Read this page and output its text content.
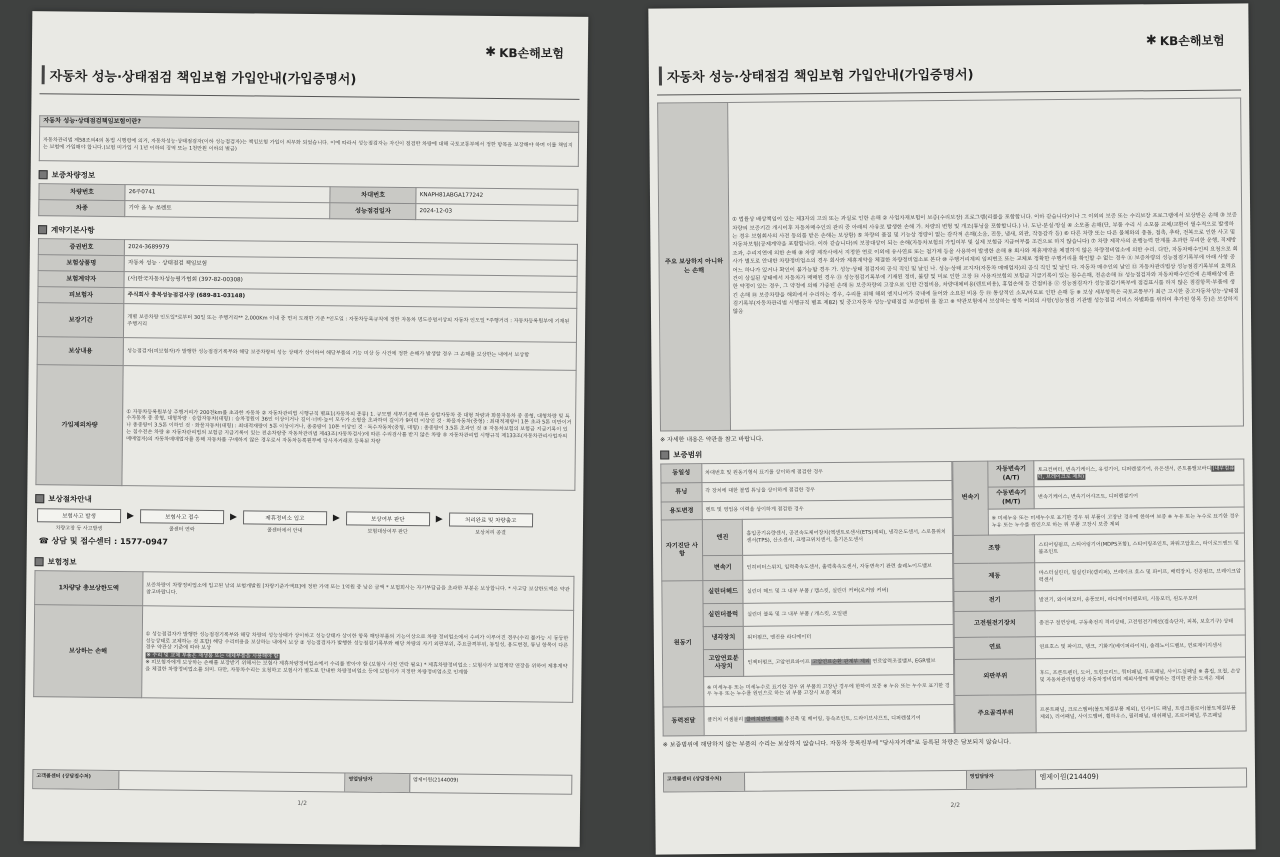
✱ KB손해보험
자동차 성능·상태점검 책임보험 가입안내(가입증명서)
자동차 성능·상태점검책임보험이란?
자동차관리법 제58조의4의 동법 시행령에 의거, 자동차성능·상태점검자(이하 성능점검자)는 책임보험 가입이 의무화 되었습니다. 이에 따라서 성능점검자는 자신이 점검한 차량에 대해 국토교통부에서 정한 항목을 보장해야 하며 이를 책임지는 보험에 가입해야 합니다.(보험 미가입 시 1년 이하의 징역 또는 1천만원 이하의 벌금)
보증차량정보
차량번호	26주0741	차대번호	KNAPH81ABGA177242
차종	기아 올 뉴 쏘렌토	성능점검일자	2024-12-03
계약기본사항
증권번호	2024-3689979
보험상품명	자동차 성능 · 상태점검 책임보험
보험계약자	(사)한국자동차성능평가협회 (397-82-00308)
피보험자	주식회사 충북성능점검사장 (689-81-03148)
보장기간	개별 보증차량 인도일*로부터 30일 또는 주행거리** 2,000Km 이내 중 먼저 도래한 기준 *인도일 : 자동차등록규칙에 정한 자동차 명도증명서상의 자동차 인도일 *주행거리 : 자동차등록원부에 기재된 주행거리
보상내용	성능점검자(피보험자)가 발행한 성능점검기록부와 해당 보증차량의 성능 상태가 상이하여 해당부품의 기능 미상 등 사건에 정한 손해가 발생할 경우 그 손해를 보상한는 내에서 보상함
가입제외차량	① 자동차등록원부상 주행거리가 200천km를 초과한 자동차 ② 자동차관리법 시행규칙 별표1(자동차의 종류) 1. 규모별 세부기준에 따른 승합자동차 중 대형 차량과 화물자동차 중 중형, 대형차량 및 특수자동차 중 중형, 대형차량 · 승합자동차(대형) : 승차정원이 36인 이상이거나 길이·너비·높이 모두가 소형을 초과하여 길이가 9미터 이상인 것 · 화물자동차(중형) : 최대적재량이 1톤 초과 5톤 미만이거나 총중량이 3.5톤 이하인 것 · 화물자동차(대형) : 최대적재량이 5톤 이상이거나, 총중량이 10톤 이상인 것 · 특수자동차(중형, 대형) : 총중량이 3.5톤 초과인 것 ③ 자동차보험의 보험금 지급기록이 있는 침수전손 차량 ④ 자동차관리법의 보험금 지급기록이 있는 전손차량중 자동차관리법 제43조(자동차검사)에 따른 수리검사를 받지 않은 차량 ⑤ 자동차관리법 시행규칙 제133조(자동차관리사업자의 매매업자)의 자동차매매업자를 통해 자동차를 구매하지 않은 경우로서 자동차등록원부에 당사자거래로 등록된 차량
보상절차안내
보험사고 발생
차량고장 등 사고발생
▶	보험사고 접수
콜센터 연락
▶	제휴정비소 입고
콜센터에서 안내
▶	보상여부 판단
보험대상여부 판단
▶	처리완료 및 차량출고
보상처리 종결
☎ 상담 및 접수센터 : 1577-0947
보험정보
1차량당 총보상한도액	보증차량이 차량정비업소에 입고된 날의 보험개발원 [차량기준가액표]에 정한 가액 또는 1억원 중 낮은 금액 * 보험회사는 자기부담금을 초과한 부분은 보상합니다. * 사고당 보상한도액은 약관 참고바랍니다.
보상하는 손해	① 성능점검자가 발행한 성능점검기록부와 해당 차량의 성능상태가 상이하고 성능상태가 상이한 항목 해당부품의 기능이상으로 차량 정비업소에서 수리가 이루어진 경우(수리 불가능 시 동등한 성능상태로 교체하는 것 포함) 해당 수리비용을 보상하는 내에서 보상 ② 성능점검자가 발행한 성능점검기록부와 해당 차량의 자기 외판부위, 주요골격부위, 동일성, 용도변경, 튜닝 항목이 다른 경우 약관상 기준에 따라 보상
※ 수리 및 교체 부품은 재생품 또는 대체부품을 사용해야 함
※ 피보험자에게 보상하는 손해를 보장받기 위해서는 보험사 제휴차량정비업소에서 수리를 받아야 함 (보험사 사전 연락 필요) * 제휴차량정비업소 : 보험사가 보험계약 연장을 위하여 제휴계약을 체결한 차량정비업소를 의미. 다만, 자동차수리는 요청하고 보험사가 별도로 안내한 차량정비업소 등에 보험사가 지정한 차량정비업소로 인계함
고객콜센터 (상담접수처)	영업담당자	엠제이원(2144009)
1/2
✱ KB손해보험
자동차 성능·상태점검 책임보험 가입안내(가입증명서)
주요 보상하지 아니하는 손해	① 법률상 배상책임이 있는 제3자의 고의 또는 과실로 인한 손해 ② 사업자재보험이 보증(수리보장) 프로그램(리콜을 포함합니다. 이하 같습니다)이나 그 이외의 보증 또는 수리보장 프로그램에서 보상받은 손해 ③ 보증차량의 보증기간 개시이후 자동차매수인의 관리 중 아래의 사유로 발생한 손해 가. 차량의 변형 및 개조(튜닝을 포함합니다.) 나. 도난·분실·망실 ④ 소모품 손해(단, 부품 수리 시 소모품 교체/교환이 필수적으로 발생하는 경우 보험회사의 사전 동의를 받은 손해는 보상함) ⑤ 차량의 품질 및 기능상 정량이 없는 감각적 손해(소음, 진동, 냄새, 외관, 작동감각 등) ⑥ 다른 차량 또는 다른 물체와의 충돌, 접촉, 추락, 전복으로 인한 사고 및 자동차보험(공제계약을 포함합니다. 이하 같습니다)의 보장대상이 되는 손해(자동차보험의 가입여부 및 실제 보험금 지급여부를 조건으로 하지 않습니다) ⑦ 차량 제작사의 운행능력 한계를 초과한 무리한 운행, 직제방 조과, 수리지연에 의한 손해 ⑧ 차량 제작사에서 지정한 연료 이외에 유사연료 또는 첨가제 등을 사용하여 발생한 손해 ⑨ 회사와 제휴계약을 체결하지 않은 차량정비업소에 의한 수리. 다만, 자동차매수인의 요청으로 회사가 별도로 안내한 차량정비업소의 경우 회사와 제휴계약을 체결한 차량정비업소로 본다 ⑩ 주행거리계의 임의변조 또는 교체로 정확한 주행거리를 확인할 수 없는 경우 ⑪ 보증차량의 성능점검기록부에 아래 사항 중 어느 하나가 있거나 확인이 불가능할 경우 가. 성능·상태 점검자의 공식 직인 및 날인 나. 성능·상태 교지자(자동차 매매업자)의 공식 직인 및 날인 다. 자동차 매수인의 날인 ⑫ 자동차관리법상 성능점검기록부의 효력요건이 상실된 상태에서 자동차가 매매된 경우 ⑬ 성능점검기록부에 기재된 정비, 불량 및 미로 인한 고장 ⑭ 사용자보험의 보험금 지급기록이 있는 침수손해, 전손손해 ⑮ 성능점검자와 자동차매수인간에 손해배상에 관한 약정이 있는 경우, 그 약정에 의해 가중된 손해 ⑯ 보증차량의 고장으로 인한 간접비용, 차량대체비용(렌트비용), 휴업손해 등 간접비용 ⑰ 성능점검자가 성능점검기록부에 점검표시를 하지 않은 점검항목·부품에 생긴 손해 ⑱ 보증차량을 해외에서 수리하는 경우, 수리를 위해 해외 엔지니어가 국내에 들어와 소요된 비용 등 ⑲ 통상적인 소모/마모로 인한 손해 등 ※ 보상 세부항목은 국토교통부가 최근 고시한 중고자동차성능·상태점검기록부(자동차관리법 시행규칙 별표 제82) 및 중고자동차 성능·상태점검 보증범위 를 참고 ※ 약관보험에서 보상하는 항목 이외의 사항(성능점검 기관별 성능점검 서비스 차별화를 위하여 추가된 항목 등)은 보상하지 않음
※ 자세한 내용은 약관을 참고 바랍니다.
보증범위
동일성	차대번호 및 원동기형식 표기를 상이하게 점검한 경우	
튜닝	각 장치에 대한 불법 튜닝을 상이하게 점검한 경우	
용도변경	렌트 및 영업용 이력을 상이하게 점검한 경우	
자기진단 사항	엔진	흡입공기유량센서, 공전속도제어장치(엑센트로센서(ETS)제외), 냉각온도센서, 스로틀위치센서(TPS), 산소센서, 크랭크위치센서, 흡기온도센서
	변속기	인히비터스위치, 입력축속도센서, 출력축속도센서, 자동변속기 관련 솔레노이드밸브
원동기	실린더헤드	실린더 헤드 및 그 내부 부품 / 캠스킷, 실린더 커버(로커암 커버)
	실린더블럭	실린더 블록 및 그 내부 부품 / 개스킷, 오일팬
	냉각장치	워터펌프, 엔진용 라디에이터
	고압연료분사장치	인젝터펌프, 고압연료파이프 고압연료순환 관계부 제외 연료압력조절밸브, EGR밸브
	※ 미세누유 또는 미세누수로 표기한 경우 위 부품의 고장난 경우에 한하여 보증 ※ 누유 또는 누수로 표기한 경우 누유 또는 누수를 원인으로 하는 위 부품 고장시 보증 제외	
동력전달	클러치 어셈블리 클러치판면 제외 추진축 및 베어링, 등속조인트, 드라이브샤프트, 디퍼렌셜기어	
변속기	자동변속기(A/T)	토크컨버터, 변속기케이스, 유성기어, 디퍼렌셜기어, 유온센서, 콘트롤밸브바디(내부컴퓨터, 브레이크로 제외)
	수동변속기(M/T)	변속기케이스, 변속기어샤프트, 디퍼렌셜기어
	※ 미세누유 또는 미세누수로 표기한 경우 위 부품이 고장난 경우에 한하여 보증 ※ 누유 또는 누수로 표기한 경우 누유 또는 누수를 원인으로 하는 위 부품 고장시 보증 제외	
조향		스티어링펌프, 스티어링기어(MDPS포함), 스티어링조인트, 파워고압호스, 타이로드엔드 및 볼조인트
제동		마스터실린더, 힐실린더(캘리퍼), 브레이크 호스 및 파이프, 배력장치, 진공펌프, 브레이크압력센서
전기		발전기, 와이퍼모터, 송풍모터, 라디에이터팬모터, 시동모터, 윈도우모터
고전원전기장치		충전구 절연상태, 구동축전지 격리상태, 고전원전기배선(접속단자, 피복, 보호기구) 상태
연료		연료호스 및 파이프, 탱크, 기화기(베이퍼라이저), 솔레노이드밸브, 연료계이지센서
외판부위		후드, 프론트펜더, 도어, 트렁크리드, 쿼터패널, 루프패널, 사이드실패널 ※ 흠집, 요철, 손상 및 자동차관리법령상 자동차정비업의 제외사항에 해당하는 경미한 판금·도색은 제외
주요골격부위		프론트패널, 크로스멤버(볼트체결부품 제외), 인사이드 패널, 트렁크플로어(볼트체결부품 제외), 리어패널, 사이드멤버, 휠하우스, 필러패널, 대쉬패널, 프로어패널, 루프패널
※ 보증범위에 해당하지 않는 부품의 수리는 보상하지 않습니다. 자동차 등록원부에 "당사자거래"로 등록된 차량은 담보되지 않습니다.
고객콜센터 (상담접수처)	영업담당자	엠제이원(214409)
2/2
